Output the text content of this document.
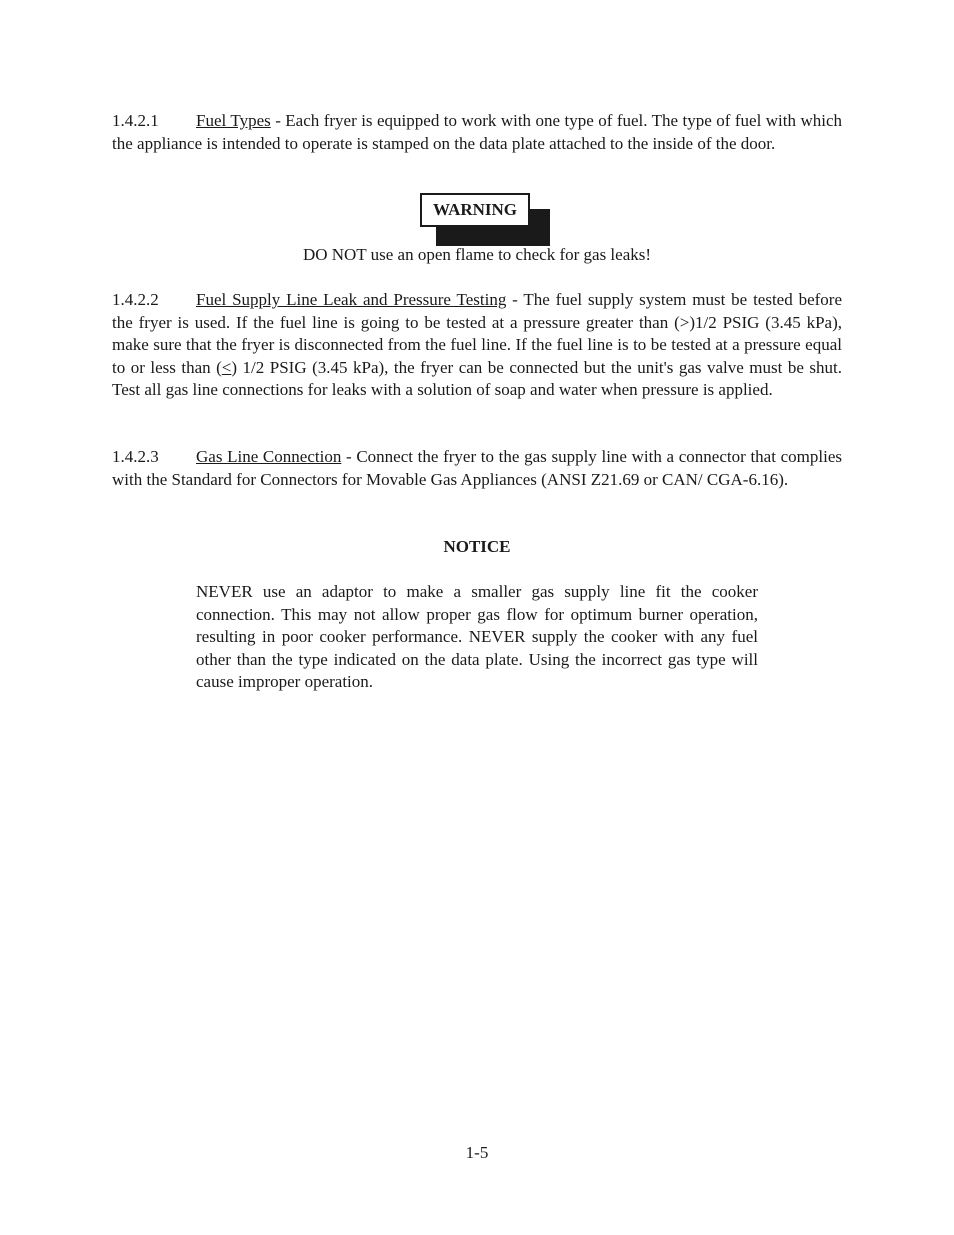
1.4.2.1 Fuel Types - Each fryer is equipped to work with one type of fuel. The type of fuel with which the appliance is intended to operate is stamped on the data plate attached to the inside of the door.

WARNING

DO NOT use an open flame to check for gas leaks!

1.4.2.2 Fuel Supply Line Leak and Pressure Testing - The fuel supply system must be tested before the fryer is used. If the fuel line is going to be tested at a pressure greater than (>)1/2 PSIG (3.45 kPa), make sure that the fryer is disconnected from the fuel line. If the fuel line is to be tested at a pressure equal to or less than (<) 1/2 PSIG (3.45 kPa), the fryer can be connected but the unit's gas valve must be shut. Test all gas line connections for leaks with a solution of soap and water when pressure is applied.

1.4.2.3 Gas Line Connection - Connect the fryer to the gas supply line with a connector that complies with the Standard for Connectors for Movable Gas Appliances (ANSI Z21.69 or CAN/ CGA-6.16).

NOTICE

NEVER use an adaptor to make a smaller gas supply line fit the cooker connection. This may not allow proper gas flow for optimum burner operation, resulting in poor cooker performance. NEVER supply the cooker with any fuel other than the type indicated on the data plate. Using the incorrect gas type will cause improper operation.

1-5
